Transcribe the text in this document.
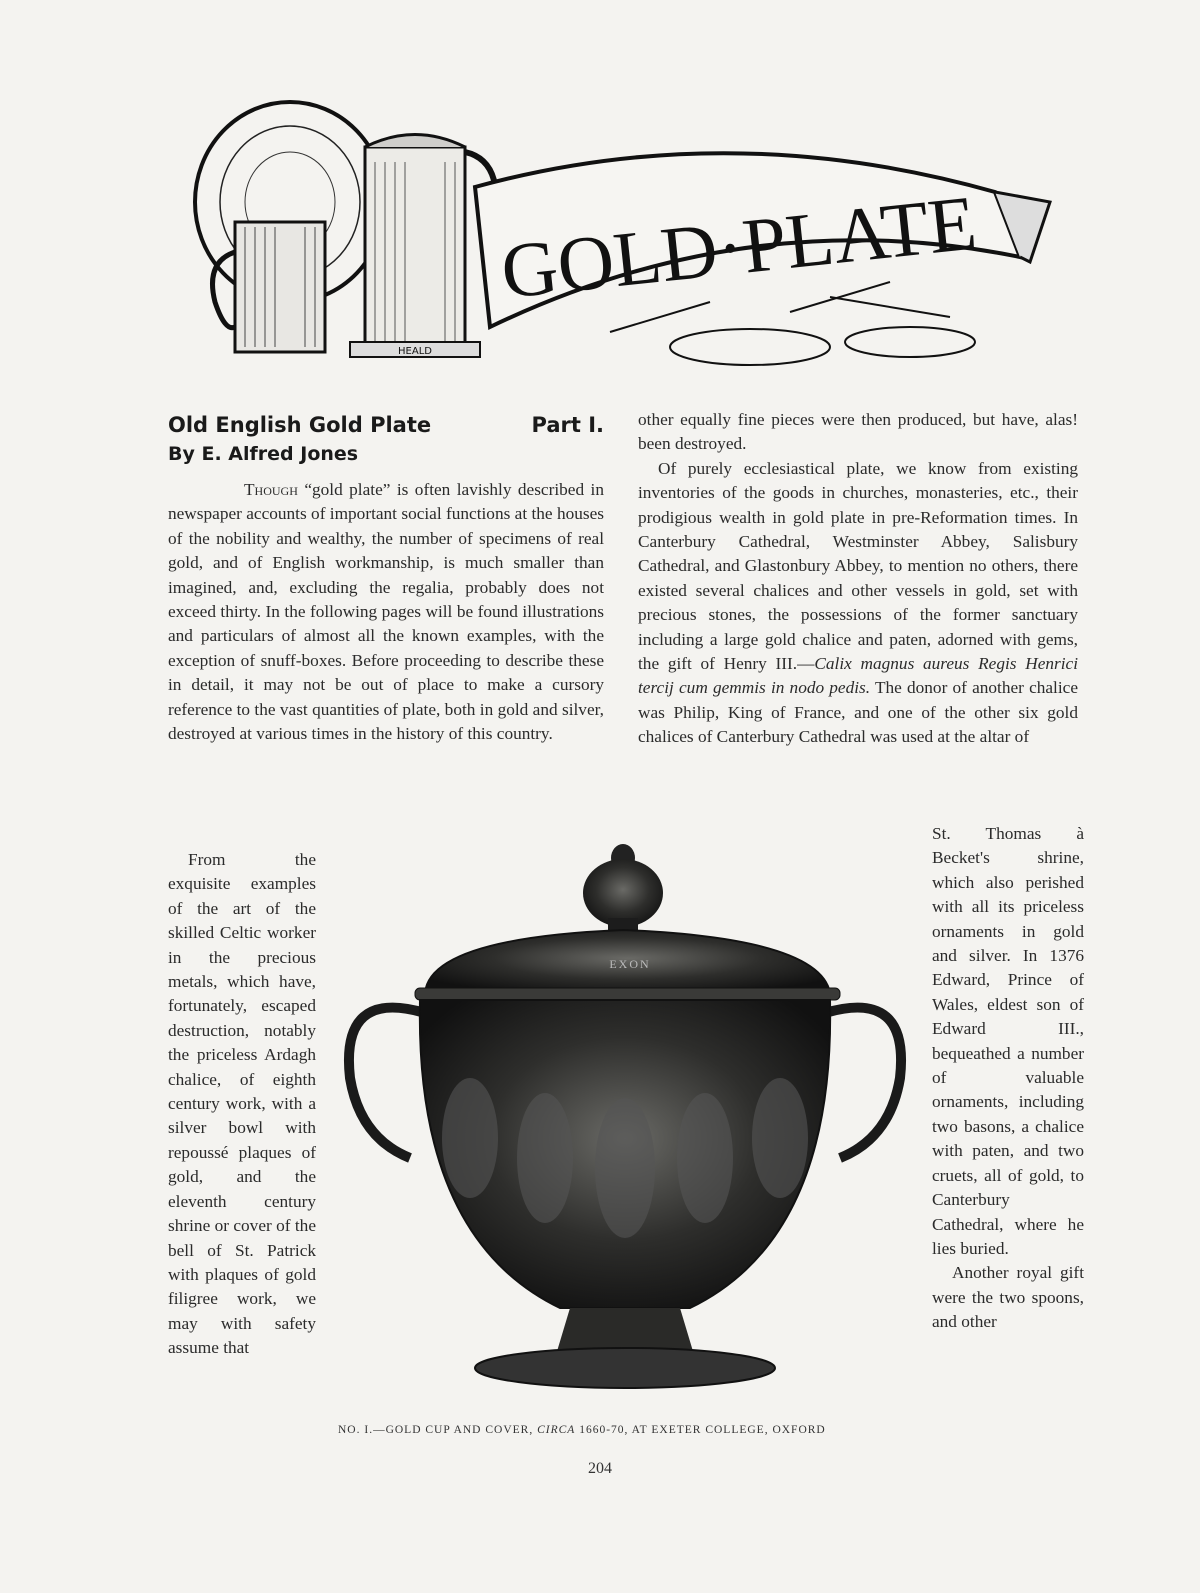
HEALD
GOLD·PLATE
Old English Gold Plate	Part I.
By E. Alfred Jones

Though “gold plate” is often lavishly described in newspaper accounts of important social functions at the houses of the nobility and wealthy, the number of specimens of real gold, and of English workmanship, is much smaller than imagined, and, excluding the regalia, probably does not exceed thirty. In the following pages will be found illustrations and particulars of almost all the known examples, with the exception of snuff-boxes. Before proceeding to describe these in detail, it may not be out of place to make a cursory reference to the vast quantities of plate, both in gold and silver, destroyed at various times in the history of this country.

From the exquisite examples of the art of the skilled Celtic worker in the precious metals, which have, fortunately, escaped destruction, notably the priceless Ardagh chalice, of eighth century work, with a silver bowl with repoussé plaques of gold, and the eleventh century shrine or cover of the bell of St. Patrick with plaques of gold filigree work, we may with safety assume that

other equally fine pieces were then produced, but have, alas! been destroyed.

Of purely ecclesiastical plate, we know from existing inventories of the goods in churches, monasteries, etc., their prodigious wealth in gold plate in pre-Reformation times. In Canterbury Cathedral, Westminster Abbey, Salisbury Cathedral, and Glastonbury Abbey, to mention no others, there existed several chalices and other vessels in gold, set with precious stones, the possessions of the former sanctuary including a large gold chalice and paten, adorned with gems, the gift of Henry III.—Calix magnus aureus Regis Henrici tercij cum gemmis in nodo pedis. The donor of another chalice was Philip, King of France, and one of the other six gold chalices of Canterbury Cathedral was used at the altar of

St. Thomas à Becket's shrine, which also perished with all its priceless ornaments in gold and silver. In 1376 Edward, Prince of Wales, eldest son of Edward III., bequeathed a number of valuable ornaments, including two basons, a chalice with paten, and two cruets, all of gold, to Canterbury Cathedral, where he lies buried.

Another royal gift were the two spoons, and other

EXON
NO. I.—GOLD CUP AND COVER, CIRCA 1660-70, AT EXETER COLLEGE, OXFORD
204
